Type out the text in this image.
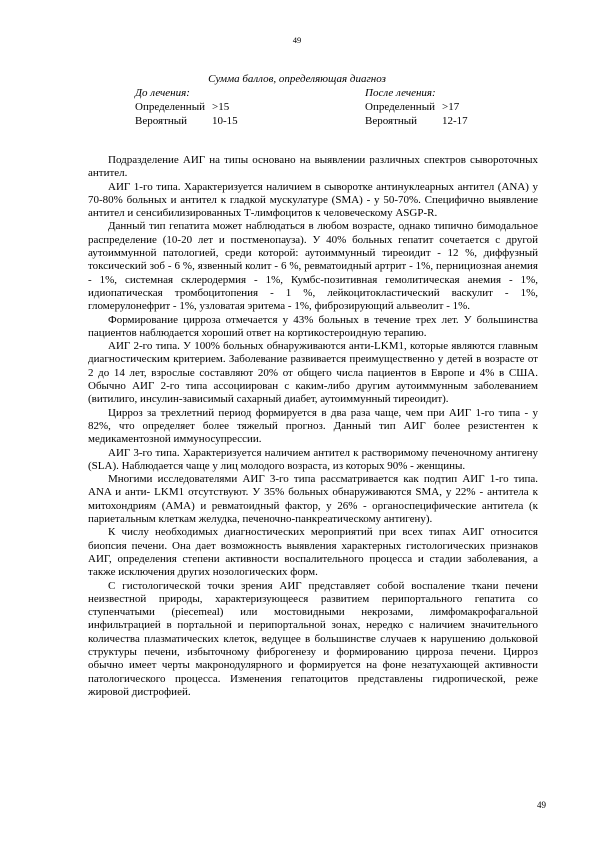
49
Сумма баллов, определяющая диагноз
До лечения:
Определенный >15
Вероятный	10-15
После лечения:
Определенный >17
Вероятный	12-17

Подразделение АИГ на типы основано на выявлении различных спектров сывороточных антител.

АИГ 1-го типа. Характеризуется наличием в сыворотке антинуклеарных антител (ANA) у 70-80% больных и антител к гладкой мускулатуре (SMA) - у 50-70%. Специфично выявление антител и сенсибилизированных Т-лимфоцитов к человеческому ASGP-R.

Данный тип гепатита может наблюдаться в любом возрасте, однако типично бимодальное распределение (10-20 лет и постменопауза). У 40% больных гепатит сочетается с другой аутоиммунной патологией, среди которой: аутоиммунный тиреоидит - 12 %, диффузный токсический зоб - 6 %, язвенный колит - 6 %, ревматоидный артрит - 1%, пернициозная анемия - 1%, системная склеродермия - 1%, Кумбс-позитивная гемолитическая анемия - 1%, идиопатическая тромбоцитопения - 1 %, лейкоцитокластический васкулит - 1%, гломерулонефрит - 1%, узловатая эритема - 1%, фиброзирующий альвеолит - 1%.

Формирование цирроза отмечается у 43% больных в течение трех лет. У большинства пациентов наблюдается хороший ответ на кортикостероидную терапию.

АИГ 2-го типа. У 100% больных обнаруживаются анти-LKM1, которые являются главным диагностическим критерием. Заболевание развивается преимущественно у детей в возрасте от 2 до 14 лет, взрослые составляют 20% от общего числа пациентов в Европе и 4% в США. Обычно АИГ 2-го типа ассоциирован с каким-либо другим аутоиммунным заболеванием (витилиго, инсулин-зависимый сахарный диабет, аутоиммунный тиреоидит).

Цирроз за трехлетний период формируется в два раза чаще, чем при АИГ 1-го типа - у 82%, что определяет более тяжелый прогноз. Данный тип АИГ более резистентен к медикаментозной иммуносупрессии.

АИГ 3-го типа. Характеризуется наличием антител к растворимому печеночному антигену (SLA). Наблюдается чаще у лиц молодого возраста, из которых 90% - женщины.

Многими исследователями АИГ 3-го типа рассматривается как подтип АИГ 1-го типа. ANA и анти- LKM1 отсутствуют. У 35% больных обнаруживаются SMA, у 22% - антитела к митохондриям (AMA) и ревматоидный фактор, у 26% - органоспецифические антитела (к париетальным клеткам желудка, печеночно-панкреатическому антигену).

К числу необходимых диагностических мероприятий при всех типах АИГ относится биопсия печени. Она дает возможность выявления характерных гистологических признаков АИГ, определения степени активности воспалительного процесса и стадии заболевания, а также исключения других нозологических форм.

С гистологической точки зрения АИГ представляет собой воспаление ткани печени неизвестной природы, характеризующееся развитием перипортального гепатита со ступенчатыми (piecemeal) или мостовидными некрозами, лимфомакрофагальной инфильтрацией в портальной и перипортальной зонах, нередко с наличием значительного количества плазматических клеток, ведущее в большинстве случаев к нарушению дольковой структуры печени, избыточному фиброгенезу и формированию цирроза печени. Цирроз обычно имеет черты макронодулярного и формируется на фоне незатухающей активности патологического процесса. Изменения гепатоцитов представлены гидропической, реже жировой дистрофией.

49
